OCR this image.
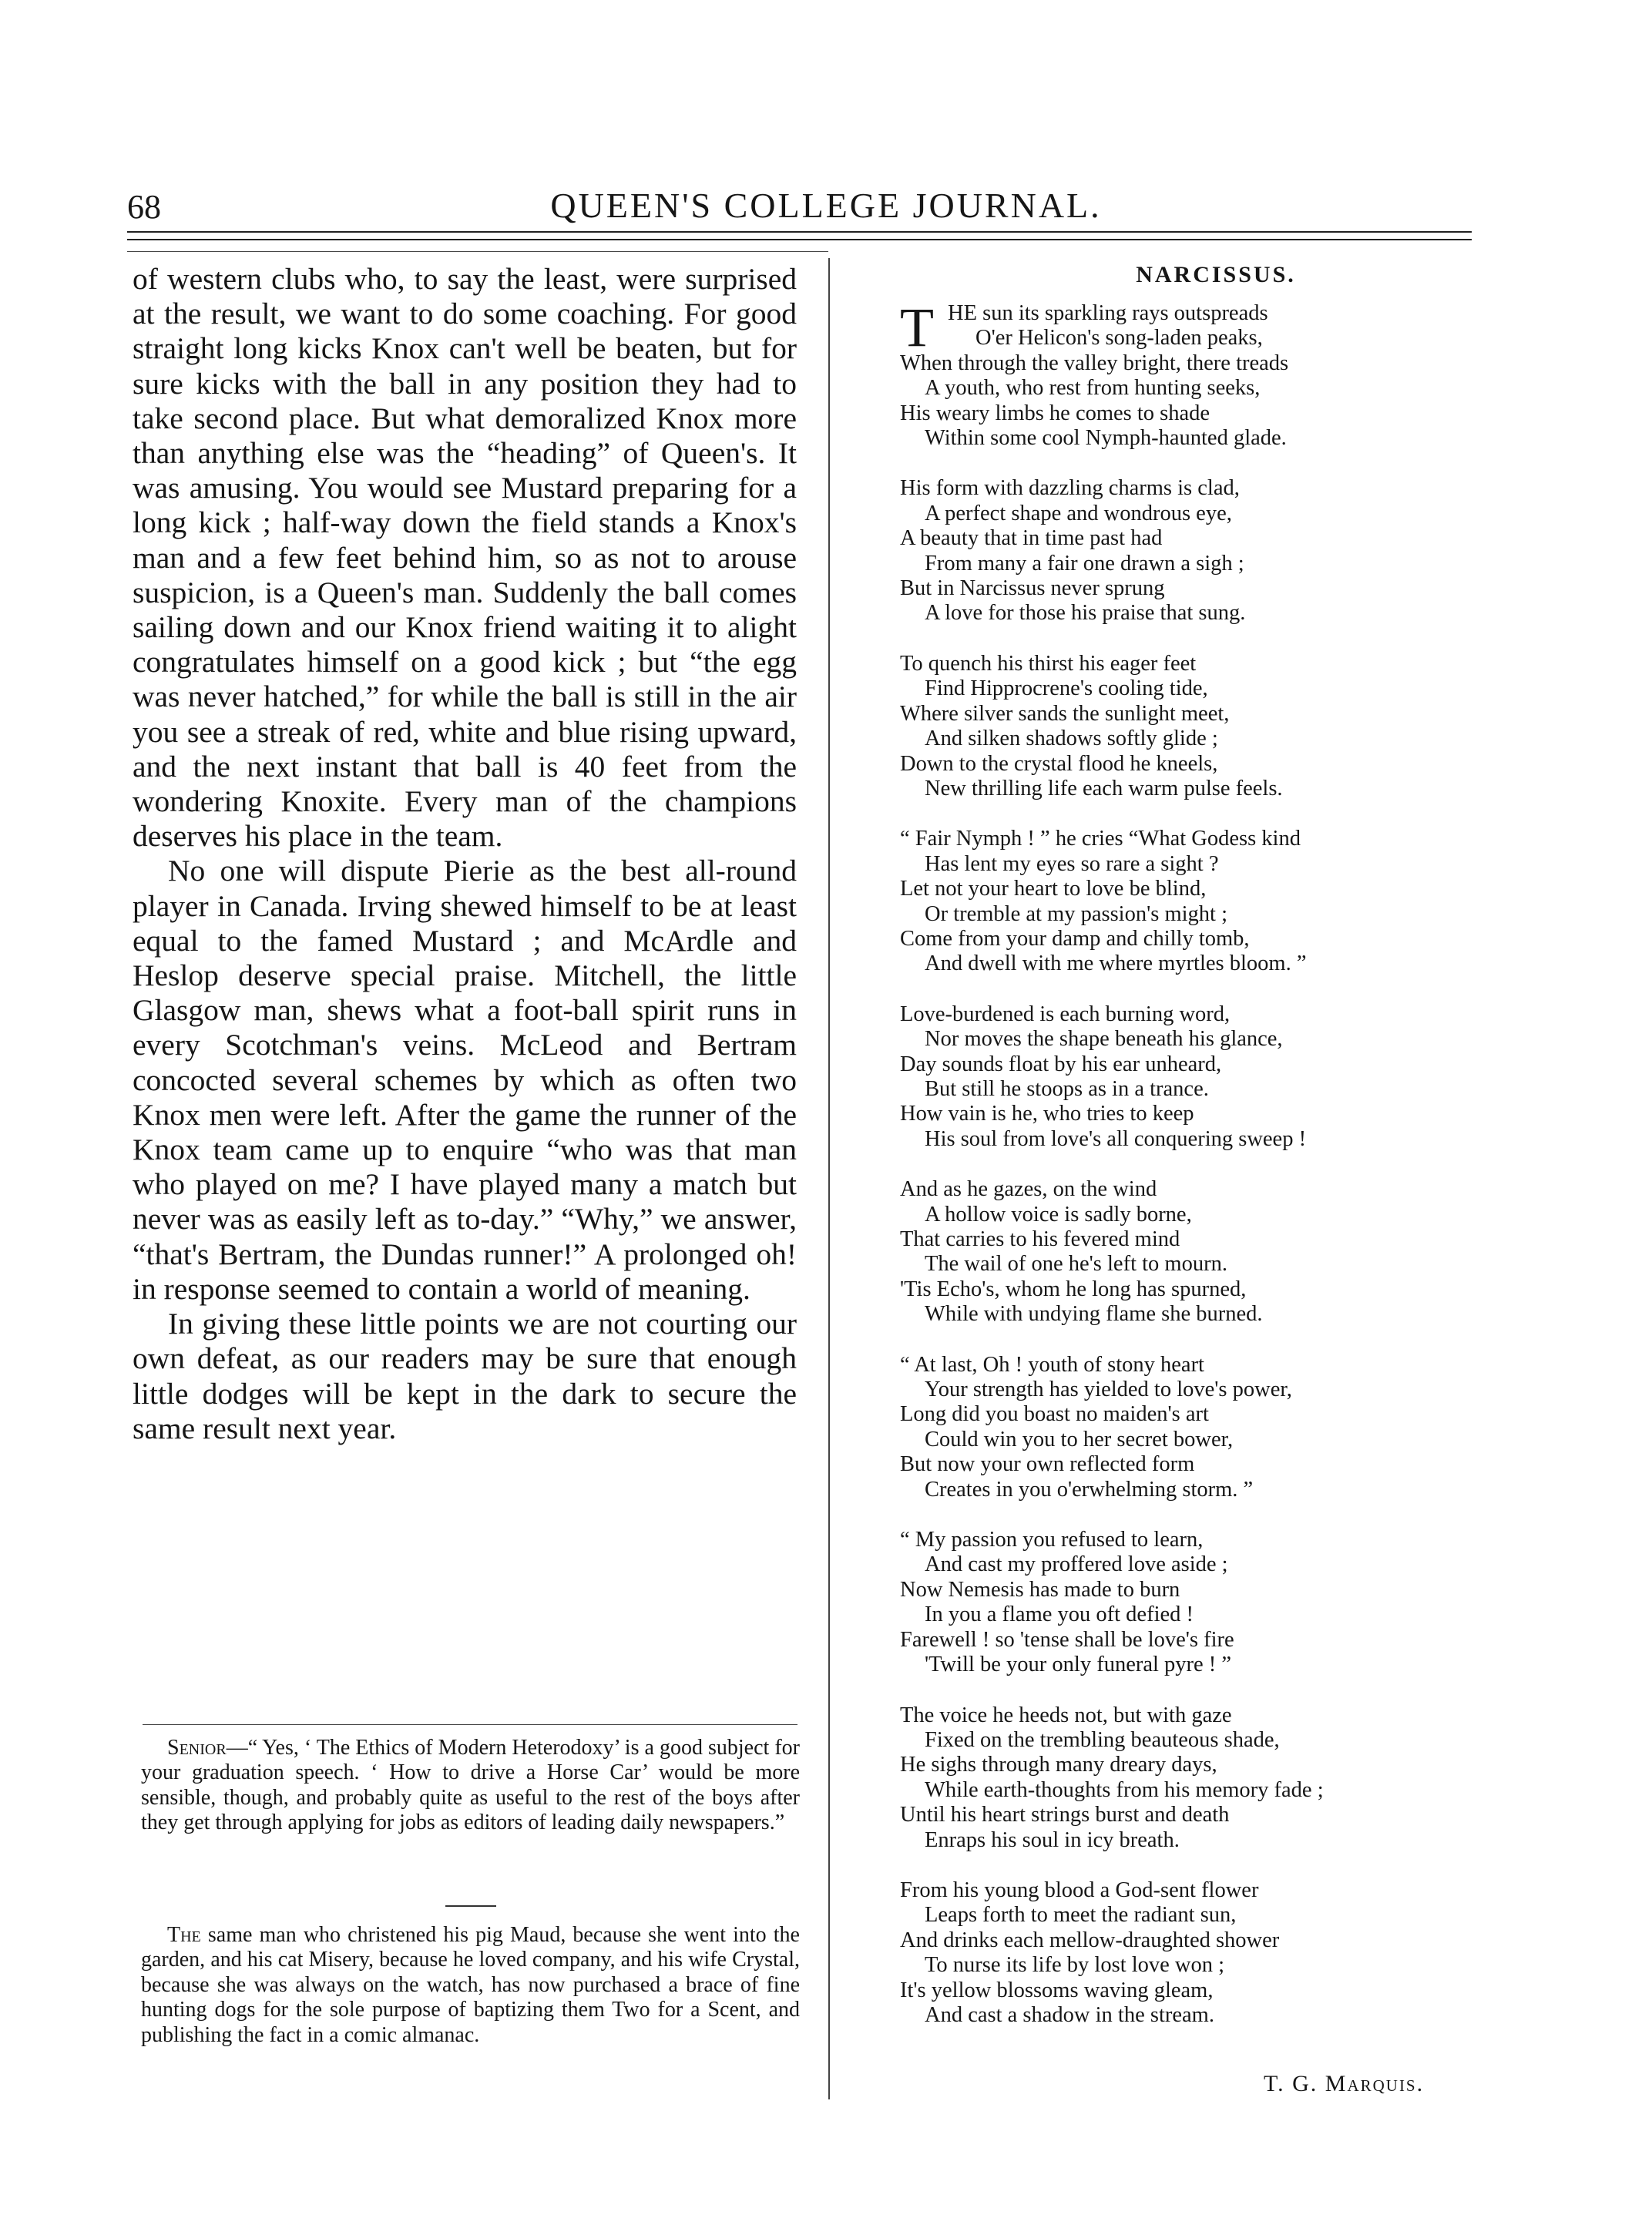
68	QUEEN'S COLLEGE JOURNAL.

of western clubs who, to say the least, were surprised at the result, we want to do some coaching. For good straight long kicks Knox can't well be beaten, but for sure kicks with the ball in any position they had to take second place. But what demoralized Knox more than anything else was the “heading” of Queen's. It was amusing. You would see Mustard preparing for a long kick ; half-way down the field stands a Knox's man and a few feet behind him, so as not to arouse suspicion, is a Queen's man. Suddenly the ball comes sailing down and our Knox friend waiting it to alight congratulates himself on a good kick ; but “the egg was never hatched,” for while the ball is still in the air you see a streak of red, white and blue rising upward, and the next instant that ball is 40 feet from the wondering Knoxite. Every man of the champions deserves his place in the team.

No one will dispute Pierie as the best all-round player in Canada. Irving shewed himself to be at least equal to the famed Mustard ; and McArdle and Heslop deserve special praise. Mitchell, the little Glasgow man, shews what a foot-ball spirit runs in every Scotchman's veins. McLeod and Bertram concocted several schemes by which as often two Knox men were left. After the game the runner of the Knox team came up to enquire “who was that man who played on me? I have played many a match but never was as easily left as to-day.” “Why,” we answer, “that's Bertram, the Dundas runner!” A prolonged oh! in response seemed to contain a world of meaning.

In giving these little points we are not courting our own defeat, as our readers may be sure that enough little dodges will be kept in the dark to secure the same result next year.

Senior—“ Yes, ‘ The Ethics of Modern Heterodoxy’ is a good subject for your graduation speech. ‘ How to drive a Horse Car’ would be more sensible, though, and probably quite as useful to the rest of the boys after they get through applying for jobs as editors of leading daily newspapers.”

The same man who christened his pig Maud, because she went into the garden, and his cat Misery, because he loved company, and his wife Crystal, because she was always on the watch, has now purchased a brace of fine hunting dogs for the sole purpose of baptizing them Two for a Scent, and publishing the fact in a comic almanac.

NARCISSUS.
T HE sun its sparkling rays outspreads
O'er Helicon's song-laden peaks,
When through the valley bright, there treads
A youth, who rest from hunting seeks,
His weary limbs he comes to shade
Within some cool Nymph-haunted glade.
His form with dazzling charms is clad,
A perfect shape and wondrous eye,
A beauty that in time past had
From many a fair one drawn a sigh ;
But in Narcissus never sprung
A love for those his praise that sung.
To quench his thirst his eager feet
Find Hipprocrene's cooling tide,
Where silver sands the sunlight meet,
And silken shadows softly glide ;
Down to the crystal flood he kneels,
New thrilling life each warm pulse feels.
“ Fair Nymph ! ” he cries “What Godess kind
Has lent my eyes so rare a sight ?
Let not your heart to love be blind,
Or tremble at my passion's might ;
Come from your damp and chilly tomb,
And dwell with me where myrtles bloom. ”
Love-burdened is each burning word,
Nor moves the shape beneath his glance,
Day sounds float by his ear unheard,
But still he stoops as in a trance.
How vain is he, who tries to keep
His soul from love's all conquering sweep !
And as he gazes, on the wind
A hollow voice is sadly borne,
That carries to his fevered mind
The wail of one he's left to mourn.
'Tis Echo's, whom he long has spurned,
While with undying flame she burned.
“ At last, Oh ! youth of stony heart
Your strength has yielded to love's power,
Long did you boast no maiden's art
Could win you to her secret bower,
But now your own reflected form
Creates in you o'erwhelming storm. ”
“ My passion you refused to learn,
And cast my proffered love aside ;
Now Nemesis has made to burn
In you a flame you oft defied !
Farewell ! so 'tense shall be love's fire
'Twill be your only funeral pyre ! ”
The voice he heeds not, but with gaze
Fixed on the trembling beauteous shade,
He sighs through many dreary days,
While earth-thoughts from his memory fade ;
Until his heart strings burst and death
Enraps his soul in icy breath.
From his young blood a God-sent flower
Leaps forth to meet the radiant sun,
And drinks each mellow-draughted shower
To nurse its life by lost love won ;
It's yellow blossoms waving gleam,
And cast a shadow in the stream.
T. G. Marquis.
